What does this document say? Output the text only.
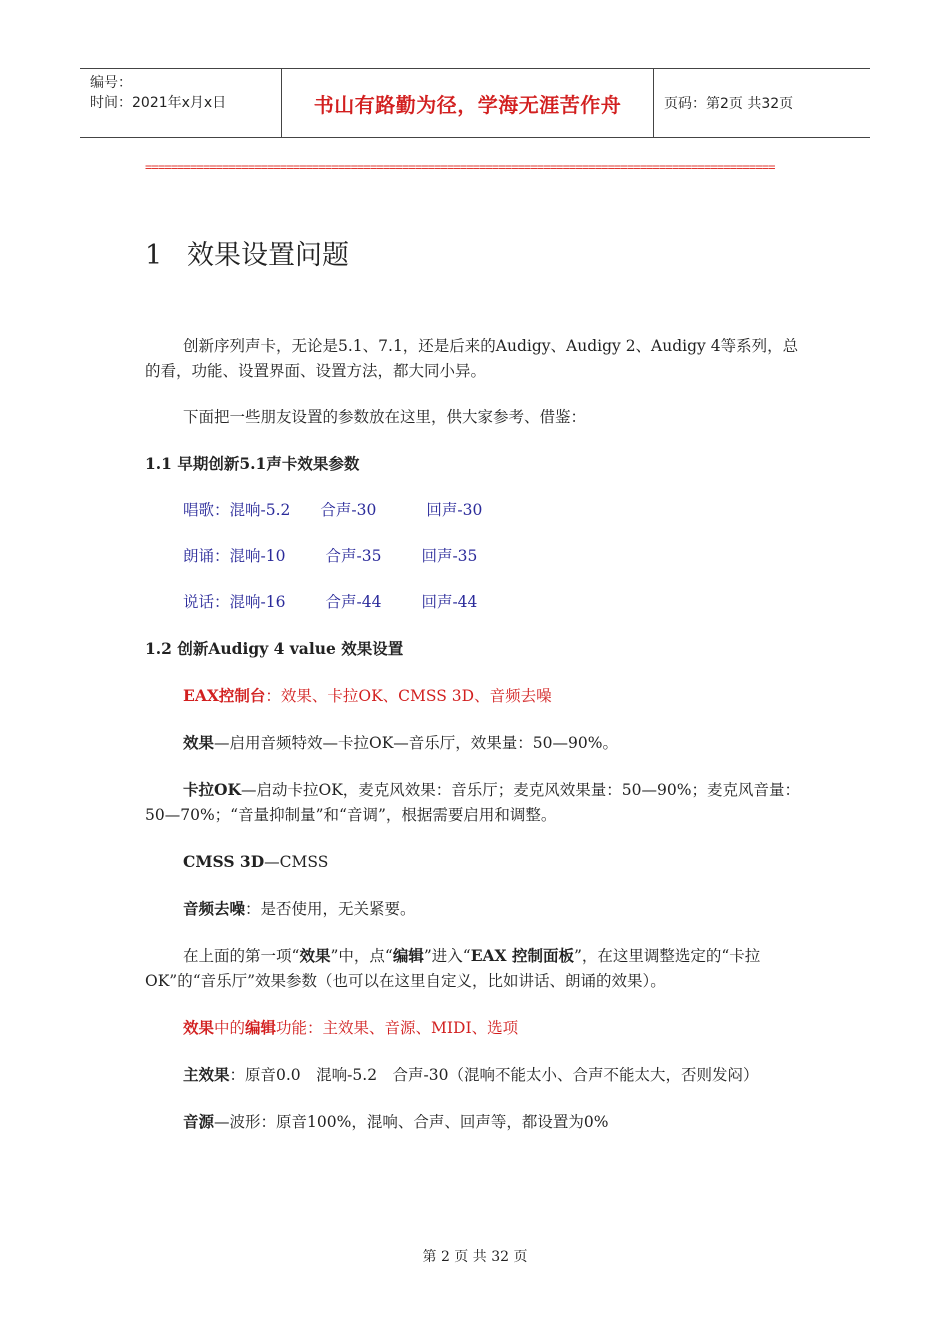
编号：
时间：2021年x月x日	书山有路勤为径，学海无涯苦作舟	页码：第2页 共32页
==================================================================================================
1 效果设置问题

创新序列声卡，无论是5.1、7.1，还是后来的Audigy、Audigy 2、Audigy 4等系列，总的看，功能、设置界面、设置方法，都大同小异。

下面把一些朋友设置的参数放在这里，供大家参考、借鉴：

1.1 早期创新5.1声卡效果参数

唱歌：混响-5.2 合声-30	回声-30

朗诵：混响-10	合声-35	回声-35

说话：混响-16	合声-44	回声-44

1.2 创新Audigy 4 value 效果设置

EAX控制台：效果、卡拉OK、CMSS 3D、音频去噪

效果—启用音频特效—卡拉OK—音乐厅，效果量：50—90%。

卡拉OK—启动卡拉OK，麦克风效果：音乐厅；麦克风效果量：50—90%；麦克风音量：50—70%；“音量抑制量”和“音调”，根据需要启用和调整。

CMSS 3D—CMSS

音频去噪：是否使用，无关紧要。

在上面的第一项“效果”中，点“编辑”进入“EAX 控制面板”，在这里调整选定的“卡拉OK”的“音乐厅”效果参数（也可以在这里自定义，比如讲话、朗诵的效果）。

效果中的编辑功能：主效果、音源、MIDI、选项

主效果：原音0.0　混响-5.2　合声-30（混响不能太小、合声不能太大，否则发闷）

音源—波形：原音100%，混响、合声、回声等，都设置为0%

第 2 页 共 32 页
